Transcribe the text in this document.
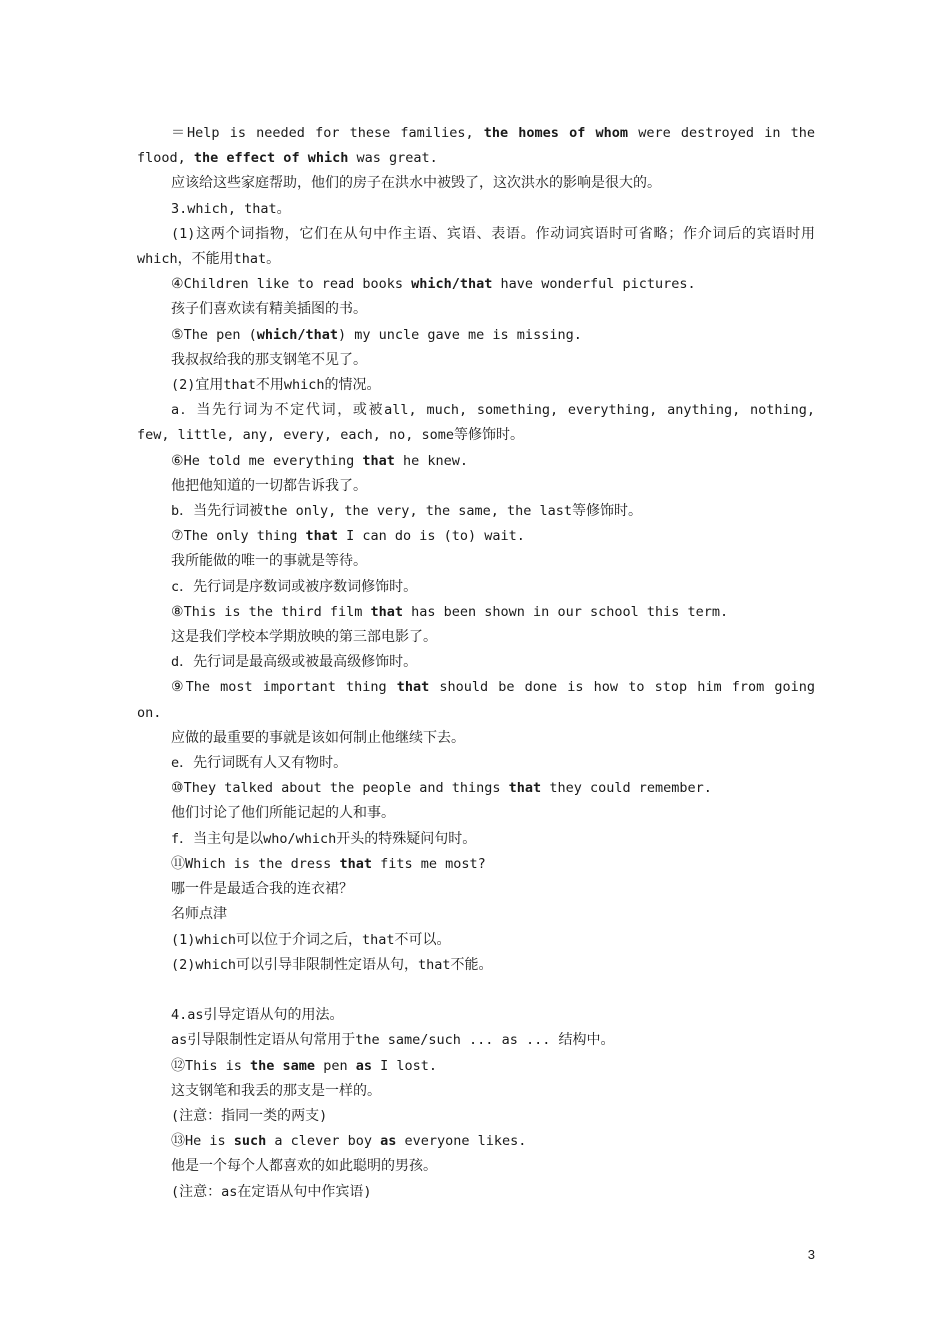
＝Help is needed for these families, the homes of whom were destroyed in the flood, the effect of which was great.

应该给这些家庭帮助，他们的房子在洪水中被毁了，这次洪水的影响是很大的。

3.which, that。

(1)这两个词指物，它们在从句中作主语、宾语、表语。作动词宾语时可省略；作介词后的宾语时用which，不能用that。

④Children like to read books which/that have wonderful pictures.

孩子们喜欢读有精美插图的书。

⑤The pen (which/that) my uncle gave me is missing.

我叔叔给我的那支钢笔不见了。

(2)宜用that不用which的情况。

a．当先行词为不定代词，或被all, much, something, everything, anything, nothing, few, little, any, every, each, no, some等修饰时。

⑥He told me everything that he knew.

他把他知道的一切都告诉我了。

b．当先行词被the only, the very, the same, the last等修饰时。

⑦The only thing that I can do is (to) wait.

我所能做的唯一的事就是等待。

c．先行词是序数词或被序数词修饰时。

⑧This is the third film that has been shown in our school this term.

这是我们学校本学期放映的第三部电影了。

d．先行词是最高级或被最高级修饰时。

⑨The most important thing that should be done is how to stop him from going on.

应做的最重要的事就是该如何制止他继续下去。

e．先行词既有人又有物时。

⑩They talked about the people and things that they could remember.

他们讨论了他们所能记起的人和事。

f．当主句是以who/which开头的特殊疑问句时。

⑪Which is the dress that fits me most?

哪一件是最适合我的连衣裙？

名师点津

(1)which可以位于介词之后，that不可以。

(2)which可以引导非限制性定语从句，that不能。

4.as引导定语从句的用法。

as引导限制性定语从句常用于the same/such ... as ... 结构中。

⑫This is the same pen as I lost.

这支钢笔和我丢的那支是一样的。

(注意：指同一类的两支)

⑬He is such a clever boy as everyone likes.

他是一个每个人都喜欢的如此聪明的男孩。

(注意：as在定语从句中作宾语)

3
